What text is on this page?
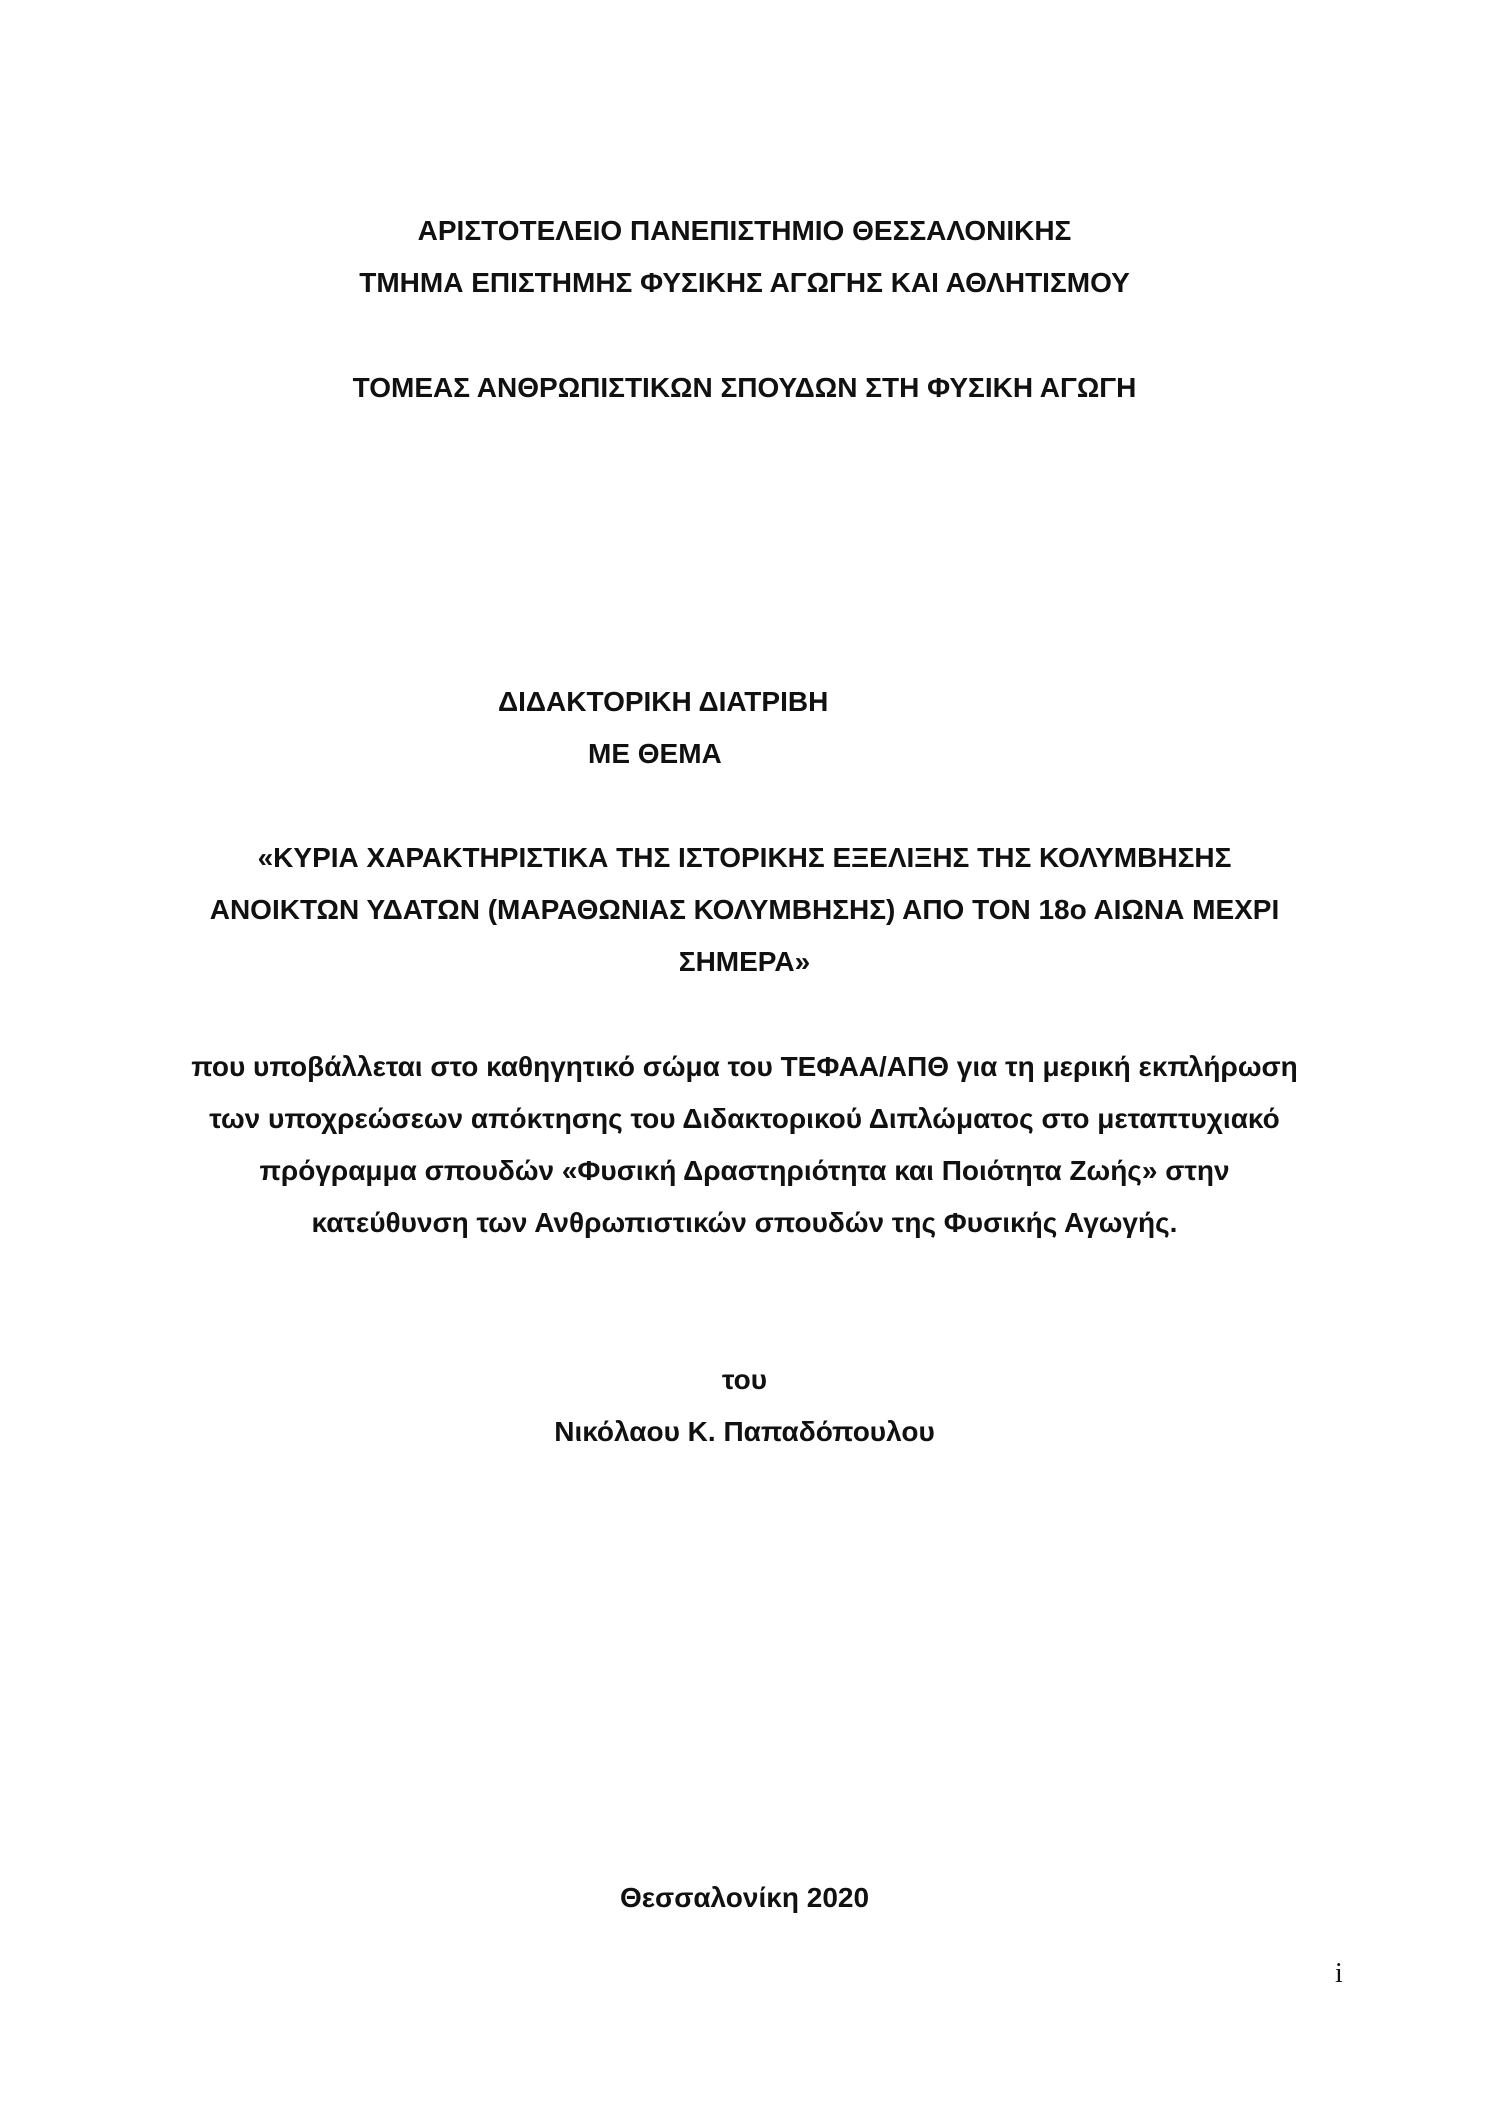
ΑΡΙΣΤΟΤΕΛΕΙΟ ΠΑΝΕΠΙΣΤΗΜΙΟ ΘΕΣΣΑΛΟΝΙΚΗΣ
ΤΜΗΜΑ ΕΠΙΣΤΗΜΗΣ ΦΥΣΙΚΗΣ ΑΓΩΓΗΣ ΚΑΙ ΑΘΛΗΤΙΣΜΟΥ
ΤΟΜΕΑΣ ΑΝΘΡΩΠΙΣΤΙΚΩΝ ΣΠΟΥΔΩΝ ΣΤΗ ΦΥΣΙΚΗ ΑΓΩΓΗ
ΔΙΔΑΚΤΟΡΙΚΗ ΔΙΑΤΡΙΒΗ
ΜΕ ΘΕΜΑ
«ΚΥΡΙΑ ΧΑΡΑΚΤΗΡΙΣΤΙΚΑ ΤΗΣ ΙΣΤΟΡΙΚΗΣ ΕΞΕΛΙΞΗΣ ΤΗΣ ΚΟΛΥΜΒΗΣΗΣ
ΑΝΟΙΚΤΩΝ ΥΔΑΤΩΝ (ΜΑΡΑΘΩΝΙΑΣ ΚΟΛΥΜΒΗΣΗΣ) ΑΠΟ ΤΟΝ 18ο ΑΙΩΝΑ ΜΕΧΡΙ
ΣΗΜΕΡΑ»
που υποβάλλεται στο καθηγητικό σώμα του ΤΕΦΑΑ/ΑΠΘ για τη μερική εκπλήρωση
των υποχρεώσεων απόκτησης του Διδακτορικού Διπλώματος στο μεταπτυχιακό
πρόγραμμα σπουδών «Φυσική Δραστηριότητα και Ποιότητα Ζωής» στην
κατεύθυνση των Ανθρωπιστικών σπουδών της Φυσικής Αγωγής.
του
Νικόλαου Κ. Παπαδόπουλου
Θεσσαλονίκη 2020
i
